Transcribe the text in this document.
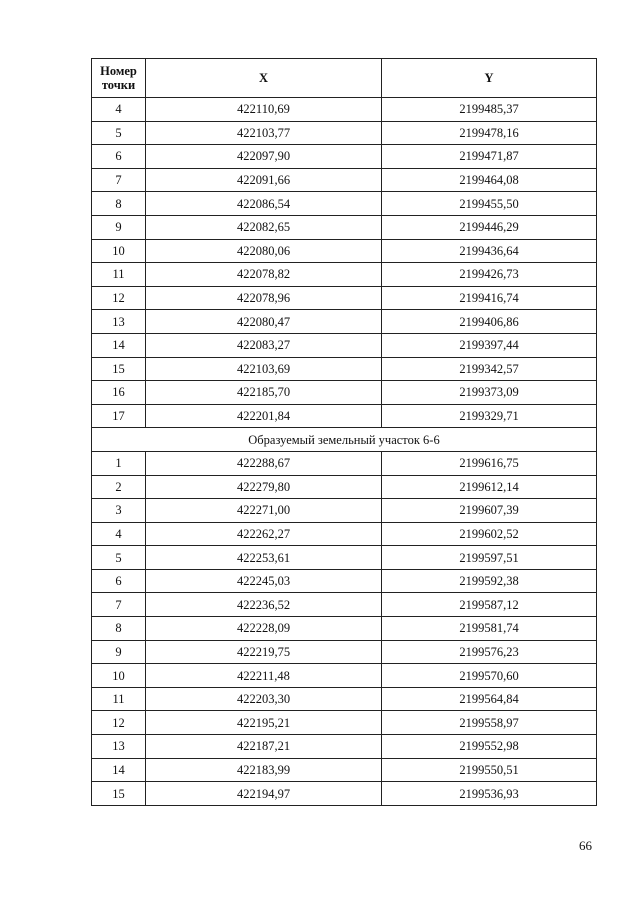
Номер
точки	X	Y
4	422110,69	2199485,37
5	422103,77	2199478,16
6	422097,90	2199471,87
7	422091,66	2199464,08
8	422086,54	2199455,50
9	422082,65	2199446,29
10	422080,06	2199436,64
11	422078,82	2199426,73
12	422078,96	2199416,74
13	422080,47	2199406,86
14	422083,27	2199397,44
15	422103,69	2199342,57
16	422185,70	2199373,09
17	422201,84	2199329,71
Образуемый земельный участок 6-6		
1	422288,67	2199616,75
2	422279,80	2199612,14
3	422271,00	2199607,39
4	422262,27	2199602,52
5	422253,61	2199597,51
6	422245,03	2199592,38
7	422236,52	2199587,12
8	422228,09	2199581,74
9	422219,75	2199576,23
10	422211,48	2199570,60
11	422203,30	2199564,84
12	422195,21	2199558,97
13	422187,21	2199552,98
14	422183,99	2199550,51
15	422194,97	2199536,93
66
